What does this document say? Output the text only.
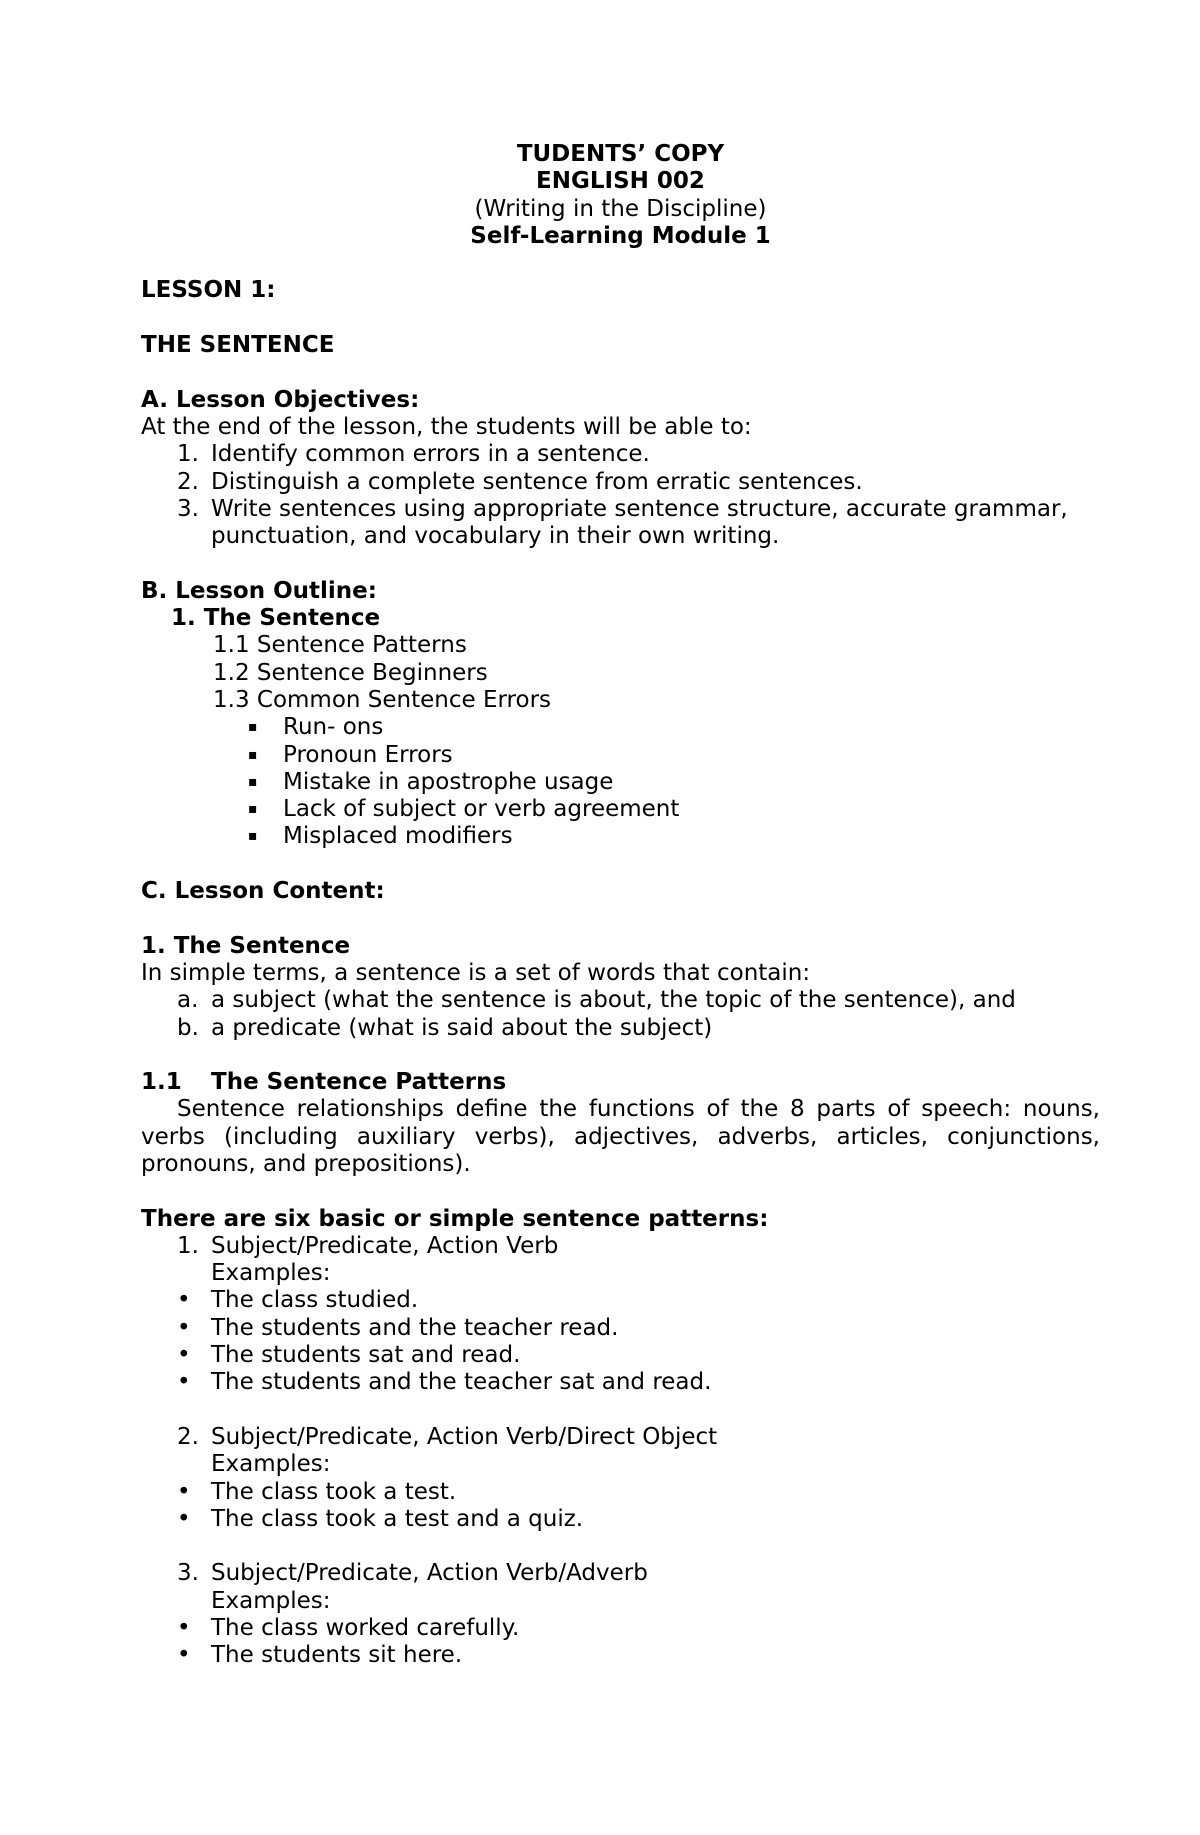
TUDENTS’ COPY
ENGLISH 002
(Writing in the Discipline)
Self-Learning Module 1
LESSON 1:
THE SENTENCE
A. Lesson Objectives:
At the end of the lesson, the students will be able to:
1. Identify common errors in a sentence.
2. Distinguish a complete sentence from erratic sentences.
3. Write sentences using appropriate sentence structure, accurate grammar,
punctuation, and vocabulary in their own writing.
B. Lesson Outline:
1. The Sentence
1.1 Sentence Patterns
1.2 Sentence Beginners
1.3 Common Sentence Errors
▪ Run- ons
▪ Pronoun Errors
▪ Mistake in apostrophe usage
▪ Lack of subject or verb agreement
▪ Misplaced modifiers
C. Lesson Content:
1. The Sentence
In simple terms, a sentence is a set of words that contain:
a. a subject (what the sentence is about, the topic of the sentence), and
b. a predicate (what is said about the subject)
1.1 The Sentence Patterns
Sentence relationships define the functions of the 8 parts of speech: nouns, verbs (including auxiliary verbs), adjectives, adverbs, articles, conjunctions, pronouns, and prepositions).
There are six basic or simple sentence patterns:
1. Subject/Predicate, Action Verb
Examples:
• The class studied.
• The students and the teacher read.
• The students sat and read.
• The students and the teacher sat and read.
2. Subject/Predicate, Action Verb/Direct Object
Examples:
• The class took a test.
• The class took a test and a quiz.
3. Subject/Predicate, Action Verb/Adverb
Examples:
• The class worked carefully.
• The students sit here.
